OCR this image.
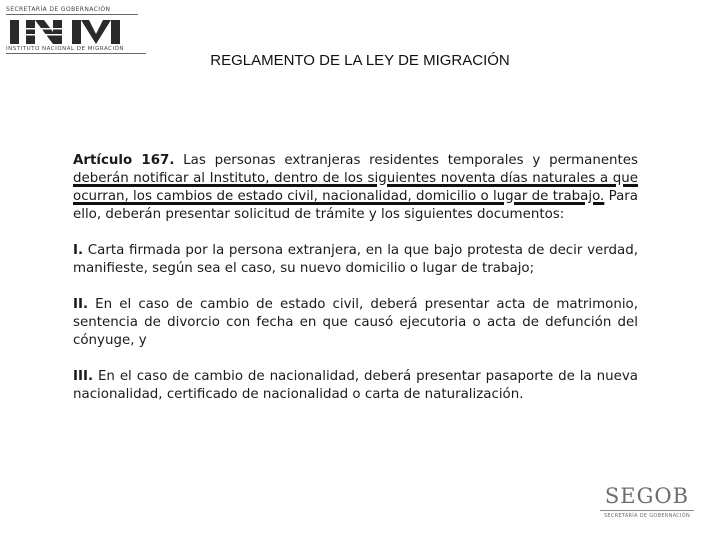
SECRETARÍA DE GOBERNACIÓN
INSTITUTO NACIONAL DE MIGRACIÓN
REGLAMENTO DE LA LEY DE MIGRACIÓN

Artículo 167. Las personas extranjeras residentes temporales y permanentes deberán notificar al Instituto, dentro de los siguientes noventa días naturales a que ocurran, los cambios de estado civil, nacionalidad, domicilio o lugar de trabajo. Para ello, deberán presentar solicitud de trámite y los siguientes documentos:

I. Carta firmada por la persona extranjera, en la que bajo protesta de decir verdad, manifieste, según sea el caso, su nuevo domicilio o lugar de trabajo;

II. En el caso de cambio de estado civil, deberá presentar acta de matrimonio, sentencia de divorcio con fecha en que causó ejecutoria o acta de defunción del cónyuge, y

III. En el caso de cambio de nacionalidad, deberá presentar pasaporte de la nueva nacionalidad, certificado de nacionalidad o carta de naturalización.

SEGOB
SECRETARÍA DE GOBERNACIÓN
